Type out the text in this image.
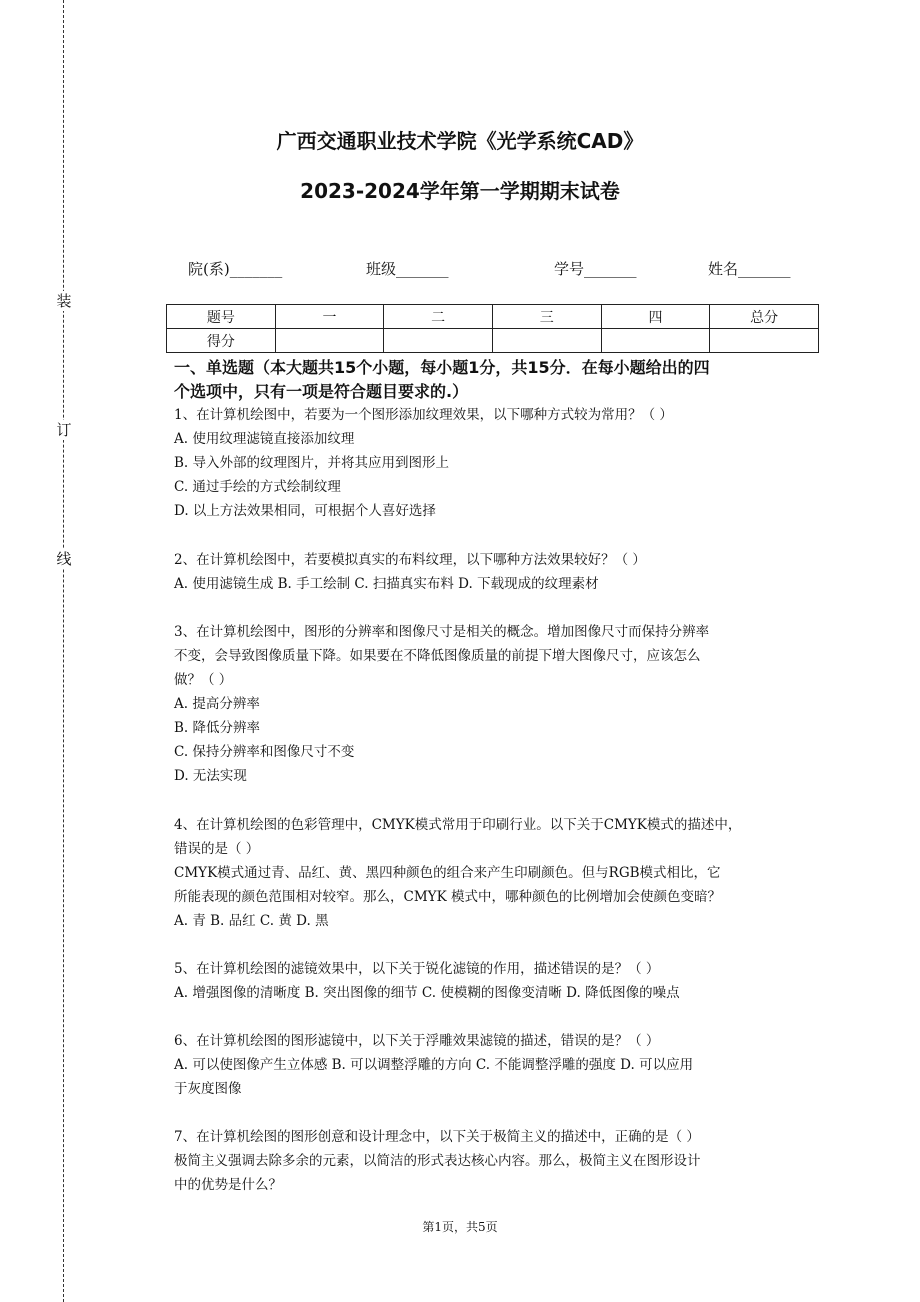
装
订
线
广西交通职业技术学院《光学系统CAD》
2023-2024学年第一学期期末试卷
院(系)_______	班级_______	学号_______	姓名_______
题号	一	二	三	四	总分
得分					
一、单选题（本大题共15个小题，每小题1分，共15分．在每小题给出的四
个选项中，只有一项是符合题目要求的.）
1、在计算机绘图中，若要为一个图形添加纹理效果，以下哪种方式较为常用？（ ）
A. 使用纹理滤镜直接添加纹理
B. 导入外部的纹理图片，并将其应用到图形上
C. 通过手绘的方式绘制纹理
D. 以上方法效果相同，可根据个人喜好选择
2、在计算机绘图中，若要模拟真实的布料纹理，以下哪种方法效果较好？（ ）
A. 使用滤镜生成 B. 手工绘制 C. 扫描真实布料 D. 下载现成的纹理素材
3、在计算机绘图中，图形的分辨率和图像尺寸是相关的概念。增加图像尺寸而保持分辨率
不变，会导致图像质量下降。如果要在不降低图像质量的前提下增大图像尺寸，应该怎么
做？（ ）
A. 提高分辨率
B. 降低分辨率
C. 保持分辨率和图像尺寸不变
D. 无法实现
4、在计算机绘图的色彩管理中，CMYK模式常用于印刷行业。以下关于CMYK模式的描述中，
错误的是（ ）
CMYK模式通过青、品红、黄、黑四种颜色的组合来产生印刷颜色。但与RGB模式相比，它
所能表现的颜色范围相对较窄。那么，CMYK 模式中，哪种颜色的比例增加会使颜色变暗？
A. 青 B. 品红 C. 黄 D. 黑
5、在计算机绘图的滤镜效果中，以下关于锐化滤镜的作用，描述错误的是？（ ）
A. 增强图像的清晰度 B. 突出图像的细节 C. 使模糊的图像变清晰 D. 降低图像的噪点
6、在计算机绘图的图形滤镜中，以下关于浮雕效果滤镜的描述，错误的是？（ ）
A. 可以使图像产生立体感 B. 可以调整浮雕的方向 C. 不能调整浮雕的强度 D. 可以应用
于灰度图像
7、在计算机绘图的图形创意和设计理念中，以下关于极简主义的描述中，正确的是（ ）
极简主义强调去除多余的元素，以简洁的形式表达核心内容。那么，极简主义在图形设计
中的优势是什么？
第1页，共5页
